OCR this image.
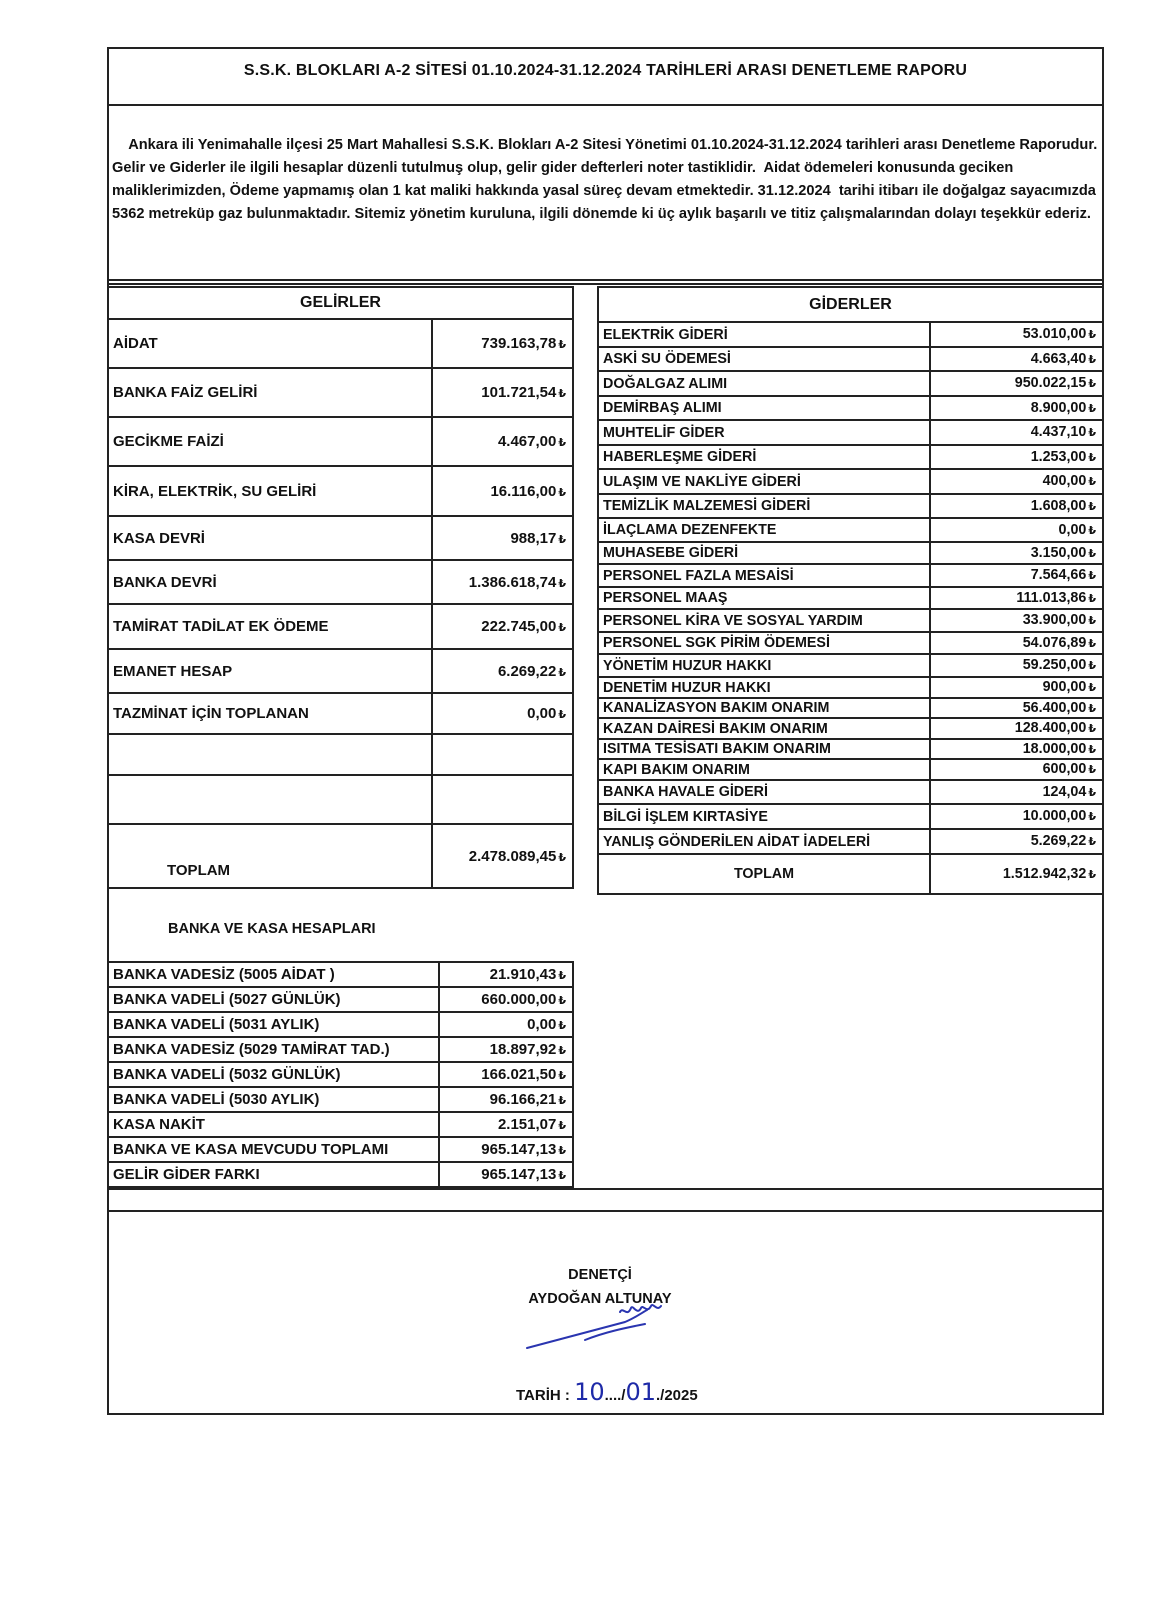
S.S.K. BLOKLARI A-2 SİTESİ 01.10.2024-31.12.2024 TARİHLERİ ARASI DENETLEME RAPORU
Ankara ili Yenimahalle ilçesi 25 Mart Mahallesi S.S.K. Blokları A-2 Sitesi Yönetimi 01.10.2024-31.12.2024 tarihleri arası Denetleme Raporudur. Gelir ve Giderler ile ilgili hesaplar düzenli tutulmuş olup, gelir gider defterleri noter tastiklidir.  Aidat ödemeleri konusunda geciken maliklerimizden, Ödeme yapmamış olan 1 kat maliki hakkında yasal süreç devam etmektedir. 31.12.2024  tarihi itibarı ile doğalgaz sayacımızda 5362 metreküp gaz bulunmaktadır. Sitemiz yönetim kuruluna, ilgili dönemde ki üç aylık başarılı ve titiz çalışmalarından dolayı teşekkür ederiz.
GELİRLER	
AİDAT	739.163,78 ₺
BANKA FAİZ GELİRİ	101.721,54 ₺
GECİKME FAİZİ	4.467,00 ₺
KİRA, ELEKTRİK, SU GELİRİ	16.116,00 ₺
KASA DEVRİ	988,17 ₺
BANKA DEVRİ	1.386.618,74 ₺
TAMİRAT TADİLAT EK ÖDEME	222.745,00 ₺
EMANET HESAP	6.269,22 ₺
TAZMİNAT İÇİN TOPLANAN	0,00 ₺

TOPLAM	2.478.089,45 ₺
GİDERLER	
ELEKTRİK GİDERİ	53.010,00 ₺
ASKİ SU ÖDEMESİ	4.663,40 ₺
DOĞALGAZ ALIMI	950.022,15 ₺
DEMİRBAŞ ALIMI	8.900,00 ₺
MUHTELİF GİDER	4.437,10 ₺
HABERLEŞME GİDERİ	1.253,00 ₺
ULAŞIM VE NAKLİYE GİDERİ	400,00 ₺
TEMİZLİK MALZEMESİ GİDERİ	1.608,00 ₺
İLAÇLAMA DEZENFEKTE	0,00 ₺
MUHASEBE GİDERİ	3.150,00 ₺
PERSONEL FAZLA MESAİSİ	7.564,66 ₺
PERSONEL MAAŞ	111.013,86 ₺
PERSONEL KİRA VE SOSYAL YARDIM	33.900,00 ₺
PERSONEL SGK PİRİM ÖDEMESİ	54.076,89 ₺
YÖNETİM HUZUR HAKKI	59.250,00 ₺
DENETİM HUZUR HAKKI	900,00 ₺
KANALİZASYON BAKIM ONARIM	56.400,00 ₺
KAZAN DAİRESİ BAKIM ONARIM	128.400,00 ₺
ISITMA TESİSATI BAKIM ONARIM	18.000,00 ₺
KAPI BAKIM ONARIM	600,00 ₺
BANKA HAVALE GİDERİ	124,04 ₺
BİLGİ İŞLEM KIRTASİYE	10.000,00 ₺
YANLIŞ GÖNDERİLEN AİDAT İADELERİ	5.269,22 ₺
TOPLAM	1.512.942,32 ₺
BANKA VE KASA HESAPLARI
BANKA VADESİZ (5005 AİDAT )	21.910,43 ₺
BANKA VADELİ (5027 GÜNLÜK)	660.000,00 ₺
BANKA VADELİ (5031 AYLIK)	0,00 ₺
BANKA VADESİZ (5029 TAMİRAT TAD.)	18.897,92 ₺
BANKA VADELİ (5032 GÜNLÜK)	166.021,50 ₺
BANKA VADELİ (5030 AYLIK)	96.166,21 ₺
KASA NAKİT	2.151,07 ₺
BANKA VE KASA MEVCUDU TOPLAMI	965.147,13 ₺
GELİR GİDER FARKI	965.147,13 ₺
DENETÇİ
AYDOĞAN ALTUNAY
TARİH : 10..../01./2025
